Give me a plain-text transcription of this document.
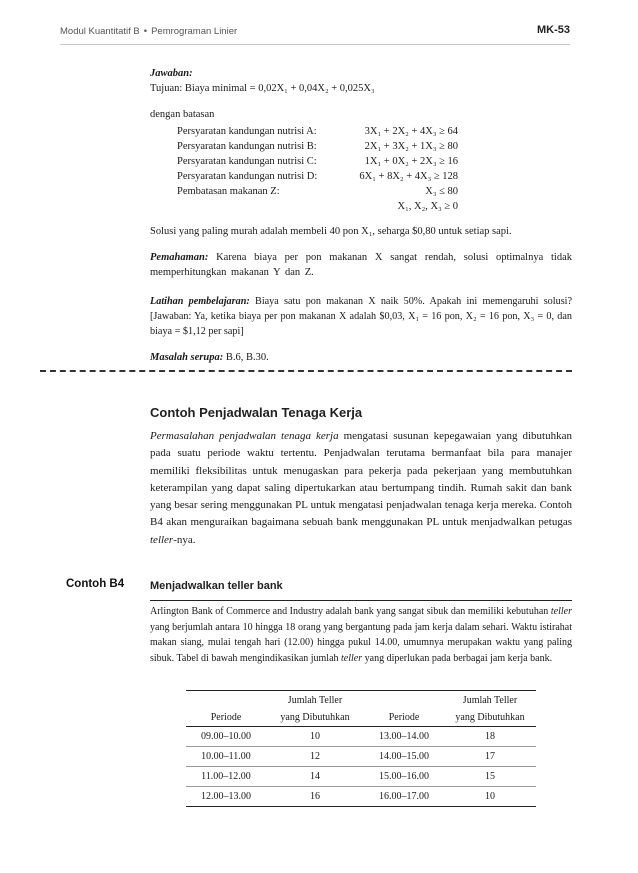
Modul Kuantitatif B • Pemrograman Linier	MK-53
Jawaban:
Tujuan: Biaya minimal = 0,02X₁ + 0,04X₂ + 0,025X₃
dengan batasan
Persyaratan kandungan nutrisi A:	3X₁ + 2X₂ + 4X₃ ≥ 64
Persyaratan kandungan nutrisi B:	2X₁ + 3X₂ + 1X₃ ≥ 80
Persyaratan kandungan nutrisi C:	1X₁ + 0X₂ + 2X₃ ≥ 16
Persyaratan kandungan nutrisi D:	6X₁ + 8X₂ + 4X₃ ≥ 128
Pembatasan makanan Z:	X₃ ≤ 80
	X₁, X₂, X₃ ≥ 0
Solusi yang paling murah adalah membeli 40 pon X₁, seharga $0,80 untuk setiap sapi.
Pemahaman: Karena biaya per pon makanan X sangat rendah, solusi optimalnya tidak memperhitungkan makanan Y dan Z.
Latihan pembelajaran: Biaya satu pon makanan X naik 50%. Apakah ini memengaruhi solusi? [Jawaban: Ya, ketika biaya per pon makanan X adalah $0,03, X₁ = 16 pon, X₂ = 16 pon, X₃ = 0, dan biaya = $1,12 per sapi]
Masalah serupa: B.6, B.30.
Contoh Penjadwalan Tenaga Kerja
Permasalahan penjadwalan tenaga kerja mengatasi susunan kepegawaian yang dibutuhkan pada suatu periode waktu tertentu. Penjadwalan terutama bermanfaat bila para manajer memiliki fleksibilitas untuk menugaskan para pekerja pada pekerjaan yang membutuhkan keterampilan yang dapat saling dipertukarkan atau bertumpang tindih. Rumah sakit dan bank yang besar sering menggunakan PL untuk mengatasi penjadwalan tenaga kerja mereka. Contoh B4 akan menguraikan bagaimana sebuah bank menggunakan PL untuk menjadwalkan petugas teller-nya.
Contoh B4 Menjadwalkan teller bank
Arlington Bank of Commerce and Industry adalah bank yang sangat sibuk dan memiliki kebutuhan teller yang berjumlah antara 10 hingga 18 orang yang bergantung pada jam kerja dalam sehari. Waktu istirahat makan siang, mulai tengah hari (12.00) hingga pukul 14.00, umumnya merupakan waktu yang paling sibuk. Tabel di bawah mengindikasikan jumlah teller yang diperlukan pada berbagai jam kerja bank.
	Jumlah Teller		Jumlah Teller
Periode	yang Dibutuhkan	Periode	yang Dibutuhkan
09.00–10.00	10	13.00–14.00	18
10.00–11.00	12	14.00–15.00	17
11.00–12.00	14	15.00–16.00	15
12.00–13.00	16	16.00–17.00	10
